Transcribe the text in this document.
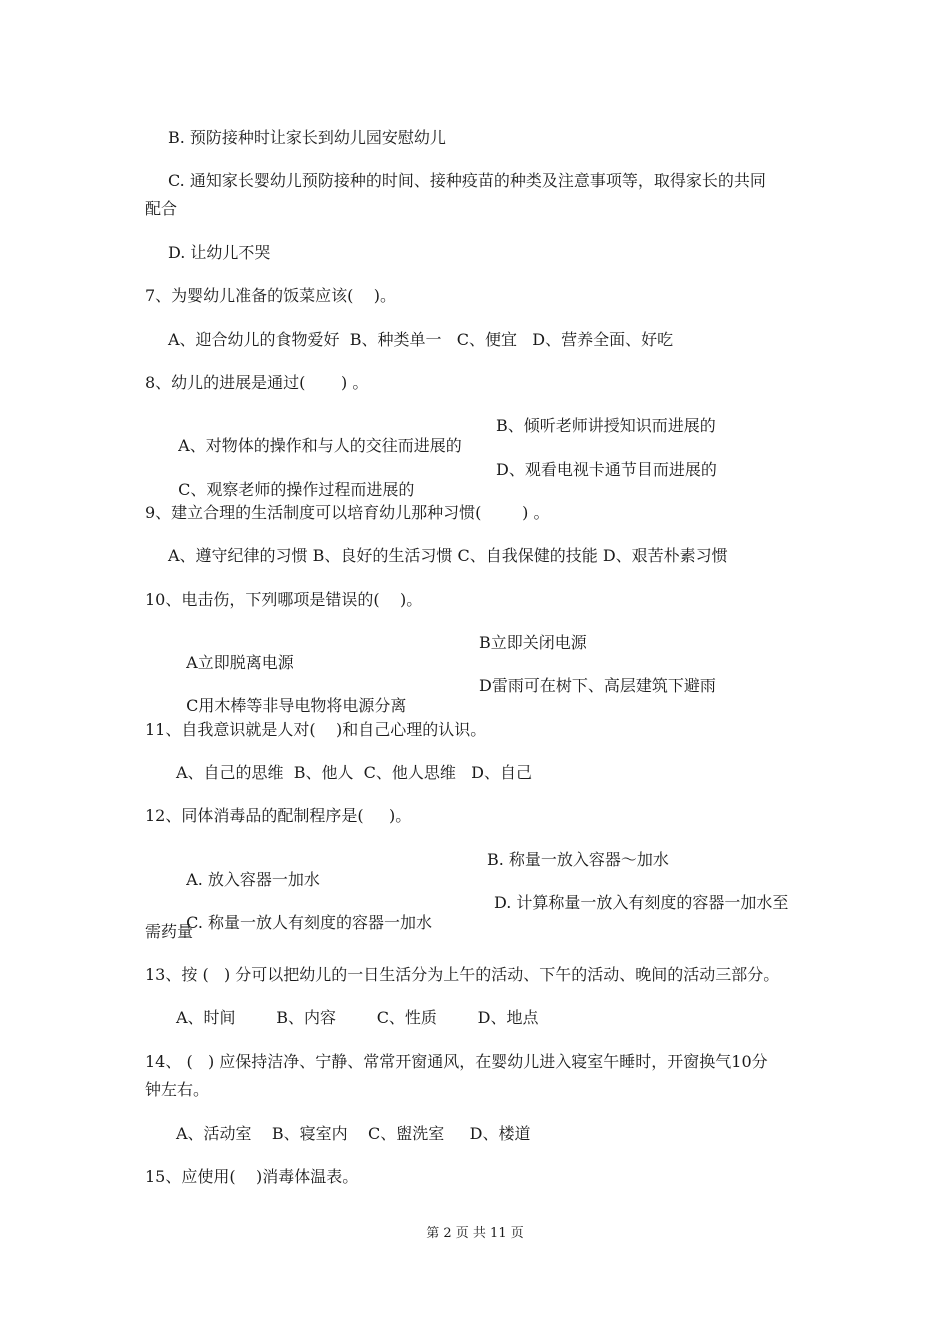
B. 预防接种时让家长到幼儿园安慰幼儿
C. 通知家长婴幼儿预防接种的时间、接种疫苗的种类及注意事项等，取得家长的共同
配合
D. 让幼儿不哭
7、为婴幼儿准备的饭菜应该(    )。
A、迎合幼儿的食物爱好  B、种类单一   C、便宜   D、营养全面、好吃
8、幼儿的进展是通过(       ) 。

A、对物体的操作和与人的交往而进展的

B、倾听老师讲授知识而进展的

C、观察老师的操作过程而进展的

D、观看电视卡通节目而进展的

9、建立合理的生活制度可以培育幼儿那种习惯(        ) 。
A、遵守纪律的习惯 B、良好的生活习惯 C、自我保健的技能 D、艰苦朴素习惯
10、电击伤，下列哪项是错误的(    )。

A立即脱离电源

B立即关闭电源

C用木棒等非导电物将电源分离

D雷雨可在树下、高层建筑下避雨

11、自我意识就是人对(    )和自己心理的认识。
A、自己的思维  B、他人  C、他人思维   D、自己
12、同体消毒品的配制程序是(     )。

A. 放入容器一加水

B. 称量一放入容器～加水

C. 称量一放人有刻度的容器一加水

D. 计算称量一放入有刻度的容器一加水至

需药量
13、按 (   ) 分可以把幼儿的一日生活分为上午的活动、下午的活动、晚间的活动三部分。
A、时间        B、内容        C、性质        D、地点
14、 (   ) 应保持洁净、宁静、常常开窗通风，在婴幼儿进入寝室午睡时，开窗换气10分
钟左右。
A、活动室    B、寝室内    C、盥洗室     D、楼道
15、应使用(    )消毒体温表。
第 2 页 共 11 页
